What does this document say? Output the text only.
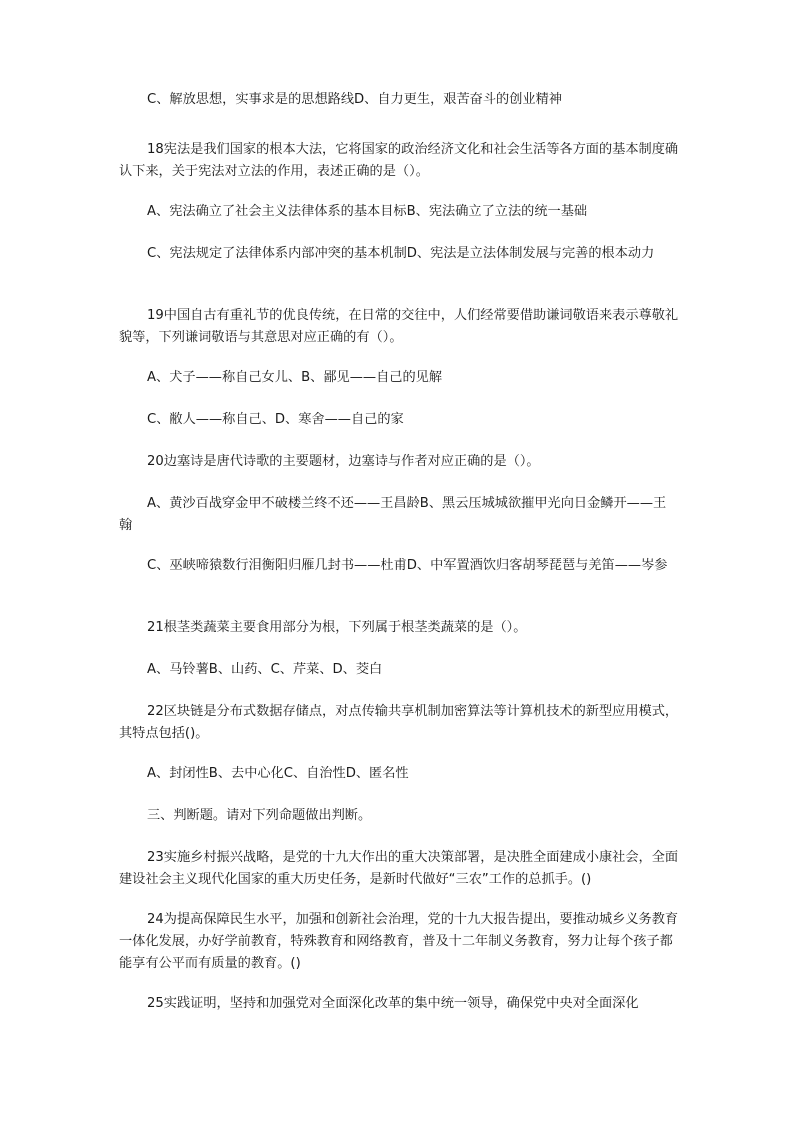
C、解放思想，实事求是的思想路线D、自力更生，艰苦奋斗的创业精神

18宪法是我们国家的根本大法，它将国家的政治经济文化和社会生活等各方面的基本制度确认下来，关于宪法对立法的作用，表述正确的是（）。

A、宪法确立了社会主义法律体系的基本目标B、宪法确立了立法的统一基础

C、宪法规定了法律体系内部冲突的基本机制D、宪法是立法体制发展与完善的根本动力

19中国自古有重礼节的优良传统，在日常的交往中，人们经常要借助谦词敬语来表示尊敬礼貌等，下列谦词敬语与其意思对应正确的有（）。

A、犬子——称自己女儿、B、鄙见——自己的见解

C、敝人——称自己、D、寒舍——自己的家

20边塞诗是唐代诗歌的主要题材，边塞诗与作者对应正确的是（）。

A、黄沙百战穿金甲不破楼兰终不还——王昌龄B、黑云压城城欲摧甲光向日金鳞开——王翰

C、巫峡啼猿数行泪衡阳归雁几封书——杜甫D、中军置酒饮归客胡琴琵琶与羌笛——岑参

21根茎类蔬菜主要食用部分为根，下列属于根茎类蔬菜的是（）。

A、马铃薯B、山药、C、芹菜、D、茭白

22区块链是分布式数据存储点，对点传输共享机制加密算法等计算机技术的新型应用模式，其特点包括()。

A、封闭性B、去中心化C、自治性D、匿名性

三、判断题。请对下列命题做出判断。

23实施乡村振兴战略，是党的十九大作出的重大决策部署，是决胜全面建成小康社会，全面建设社会主义现代化国家的重大历史任务，是新时代做好“三农”工作的总抓手。()

24为提高保障民生水平，加强和创新社会治理，党的十九大报告提出，要推动城乡义务教育一体化发展，办好学前教育，特殊教育和网络教育，普及十二年制义务教育，努力让每个孩子都能享有公平而有质量的教育。()

25实践证明，坚持和加强党对全面深化改革的集中统一领导，确保党中央对全面深化
